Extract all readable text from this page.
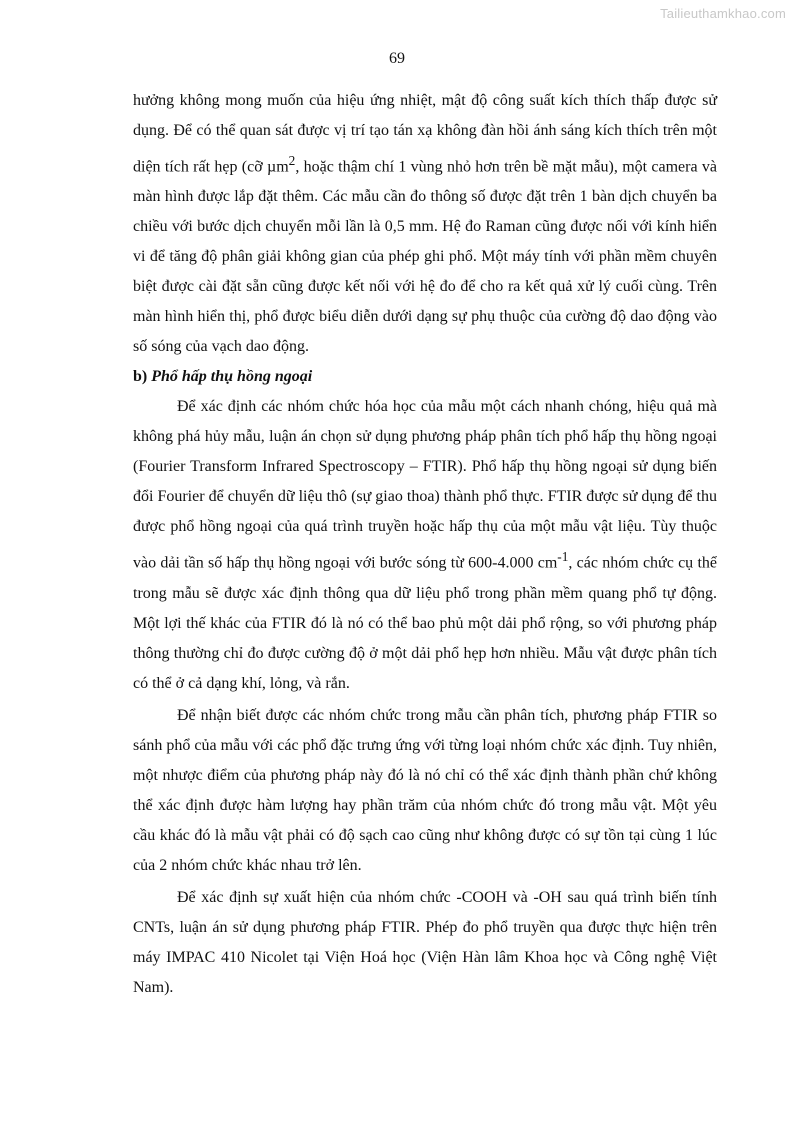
Tailieuthamkhao.com
69

hưởng không mong muốn của hiệu ứng nhiệt, mật độ công suất kích thích thấp được sử dụng. Để có thể quan sát được vị trí tạo tán xạ không đàn hồi ánh sáng kích thích trên một diện tích rất hẹp (cỡ µm$^2$, hoặc thậm chí 1 vùng nhỏ hơn trên bề mặt mẫu), một camera và màn hình được lắp đặt thêm. Các mẫu cần đo thông số được đặt trên 1 bàn dịch chuyển ba chiều với bước dịch chuyển mỗi lần là 0,5 mm. Hệ đo Raman cũng được nối với kính hiển vi để tăng độ phân giải không gian của phép ghi phổ. Một máy tính với phần mềm chuyên biệt được cài đặt sẵn cũng được kết nối với hệ đo để cho ra kết quả xử lý cuối cùng. Trên màn hình hiển thị, phổ được biểu diễn dưới dạng sự phụ thuộc của cường độ dao động vào số sóng của vạch dao động.

b) Phổ hấp thụ hồng ngoại

Để xác định các nhóm chức hóa học của mẫu một cách nhanh chóng, hiệu quả mà không phá hủy mẫu, luận án chọn sử dụng phương pháp phân tích phổ hấp thụ hồng ngoại (Fourier Transform Infrared Spectroscopy – FTIR). Phổ hấp thụ hồng ngoại sử dụng biến đổi Fourier để chuyển dữ liệu thô (sự giao thoa) thành phổ thực. FTIR được sử dụng để thu được phổ hồng ngoại của quá trình truyền hoặc hấp thụ của một mẫu vật liệu. Tùy thuộc vào dải tần số hấp thụ hồng ngoại với bước sóng từ 600-4.000 $cm^{-1}$, các nhóm chức cụ thể trong mẫu sẽ được xác định thông qua dữ liệu phổ trong phần mềm quang phổ tự động. Một lợi thế khác của FTIR đó là nó có thể bao phủ một dải phổ rộng, so với phương pháp thông thường chỉ đo được cường độ ở một dải phổ hẹp hơn nhiều. Mẫu vật được phân tích có thể ở cả dạng khí, lỏng, và rắn.

Để nhận biết được các nhóm chức trong mẫu cần phân tích, phương pháp FTIR so sánh phổ của mẫu với các phổ đặc trưng ứng với từng loại nhóm chức xác định. Tuy nhiên, một nhược điểm của phương pháp này đó là nó chỉ có thể xác định thành phần chứ không thể xác định được hàm lượng hay phần trăm của nhóm chức đó trong mẫu vật. Một yêu cầu khác đó là mẫu vật phải có độ sạch cao cũng như không được có sự tồn tại cùng 1 lúc của 2 nhóm chức khác nhau trở lên.

Để xác định sự xuất hiện của nhóm chức -COOH và -OH sau quá trình biến tính CNTs, luận án sử dụng phương pháp FTIR. Phép đo phổ truyền qua được thực hiện trên máy IMPAC 410 Nicolet tại Viện Hoá học (Viện Hàn lâm Khoa học và Công nghệ Việt Nam).
